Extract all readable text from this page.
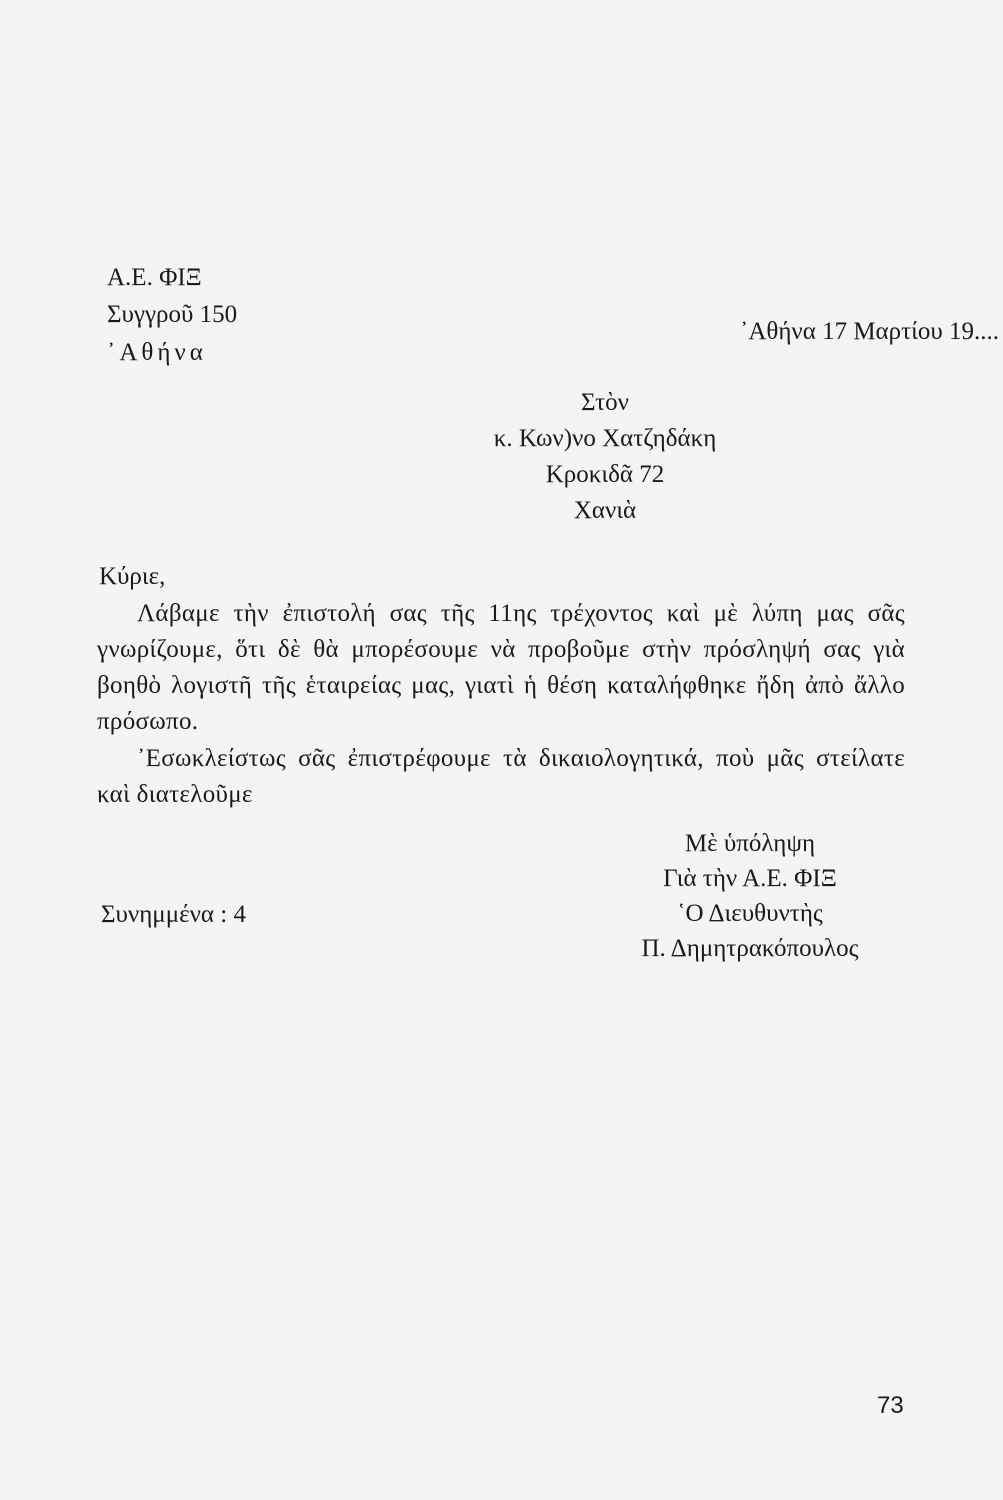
Α.Ε. ΦΙΞ
Συγγροῦ 150
᾿Αθήνα
᾿Αθήνα 17 Μαρτίου 19....
Στὸν
κ. Κων)νο Χατζηδάκη
Κροκιδᾶ 72
Χανιὰ
Κύριε,
Λάβαμε τὴν ἐπιστολή σας τῆς 11ης τρέχοντος καὶ μὲ λύπη μας σᾶς γνωρίζουμε, ὅτι δὲ θὰ μπορέσουμε νὰ προβοῦμε στὴν πρόσληψή σας γιὰ βοηθὸ λογιστῆ τῆς ἑταιρείας μας, γιατὶ ἡ θέση καταλήφθηκε ἤδη ἀπὸ ἄλλο πρόσωπο.
᾿Εσωκλείστως σᾶς ἐπιστρέφουμε τὰ δικαιολογητικά, ποὺ μᾶς στείλατε καὶ διατελοῦμε
Μὲ ὑπόληψη
Γιὰ τὴν Α.Ε. ΦΙΞ
῾Ο Διευθυντὴς
Π. Δημητρακόπουλος
Συνημμένα : 4
73
